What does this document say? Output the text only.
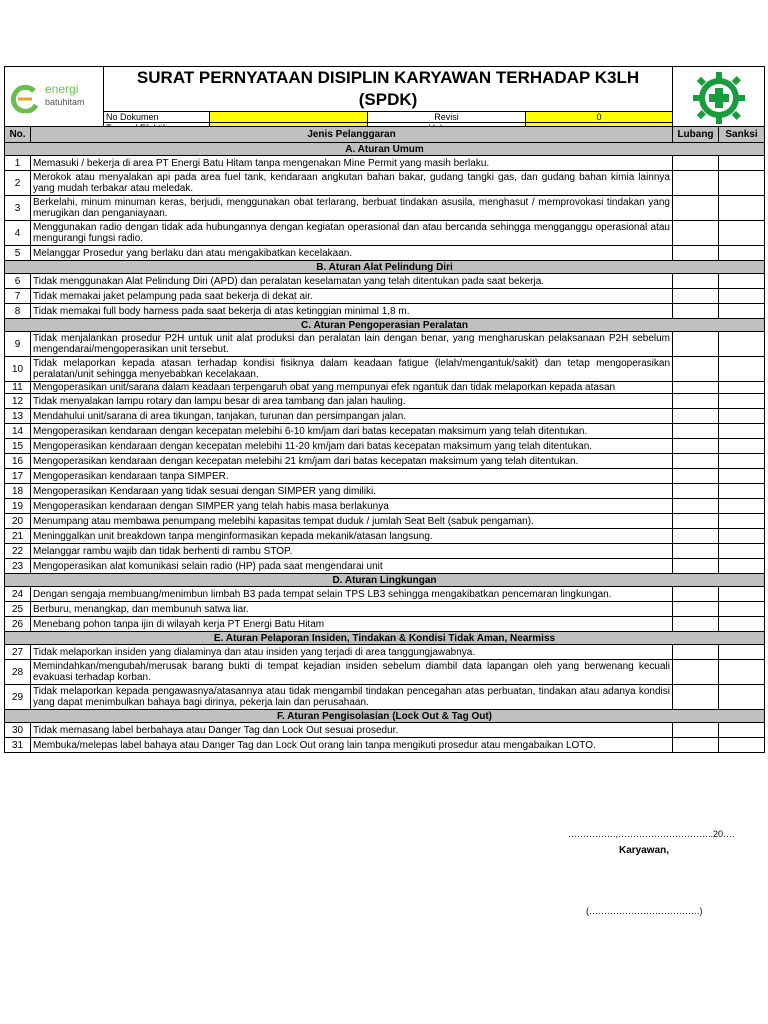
energi
batuhitam	SURAT PERNYATAAN DISIPLIN KARYAWAN TERHADAP K3LH (SPDK)	

	No Dokumen		Revisi	0	

No.	Jenis Pelanggaran	Lubang	Sanksi
A. Aturan Umum			
1	Memasuki / bekerja di area PT Energi Batu Hitam tanpa mengenakan Mine Permit yang masih berlaku.		
2	Merokok atau menyalakan api pada area fuel tank, kendaraan angkutan bahan bakar, gudang tangki gas, dan gudang bahan kimia lainnya yang mudah terbakar atau meledak.		
3	Berkelahi, minum minuman keras, berjudi, menggunakan obat terlarang, berbuat tindakan asusila, menghasut / memprovokasi tindakan yang merugikan dan penganiayaan.		
4	Menggunakan radio dengan tidak ada hubungannya dengan kegiatan operasional dan atau bercanda sehingga mengganggu operasional atau mengurangi fungsi radio.		
5	Melanggar Prosedur yang berlaku dan atau mengakibatkan kecelakaan.		
B. Aturan Alat Pelindung Diri			
6	Tidak menggunakan Alat Pelindung Diri (APD) dan peralatan keselamatan yang telah ditentukan pada saat bekerja.		
7	Tidak memakai jaket pelampung pada saat bekerja di dekat air.		
8	Tidak memakai full body harness pada saat bekerja di atas ketinggian minimal 1,8 m.		
C. Aturan Pengoperasian Peralatan			
9	Tidak menjalankan prosedur P2H untuk unit alat produksi dan peralatan lain dengan benar, yang mengharuskan pelaksanaan P2H sebelum mengendarai/mengoperasikan unit tersebut.		
10	Tidak melaporkan kepada atasan terhadap kondisi fisiknya dalam keadaan fatigue (lelah/mengantuk/sakit) dan tetap mengoperasikan peralatan/unit sehingga menyebabkan kecelakaan.		
11	Mengoperasikan unit/sarana dalam keadaan terpengaruh obat yang mempunyai efek ngantuk dan tidak melaporkan kepada atasan		
12	Tidak menyalakan lampu rotary dan lampu besar di area tambang dan jalan hauling.		
13	Mendahului unit/sarana di area tikungan, tanjakan, turunan dan persimpangan jalan.		
14	Mengoperasikan kendaraan dengan kecepatan melebihi 6-10 km/jam dari batas kecepatan maksimum yang telah ditentukan.		
15	Mengoperasikan kendaraan dengan kecepatan melebihi 11-20 km/jam dari batas kecepatan maksimum yang telah ditentukan.		
16	Mengoperasikan kendaraan dengan kecepatan melebihi 21 km/jam dari batas kecepatan maksimum yang telah ditentukan.		
17	Mengoperasikan kendaraan tanpa SIMPER.		
18	Mengoperasikan Kendaraan yang tidak sesuai dengan SIMPER yang dimiliki.		
19	Mengoperasikan kendaraan dengan SIMPER yang telah habis masa berlakunya		
20	Menumpang atau membawa penumpang melebihi kapasitas tempat duduk / jumlah Seat Belt (sabuk pengaman).		
21	Meninggalkan unit breakdown tanpa menginformasikan kepada mekanik/atasan langsung.		
22	Melanggar rambu wajib dan tidak berhenti di rambu STOP.		
23	Mengoperasikan alat komunikasi selain radio (HP) pada saat mengendarai unit		
D. Aturan Lingkungan			
24	Dengan sengaja membuang/menimbun limbah B3 pada tempat selain TPS LB3 sehingga mengakibatkan pencemaran lingkungan.		
25	Berburu, menangkap, dan membunuh satwa liar.		
26	Menebang pohon tanpa ijin di wilayah kerja PT Energi Batu Hitam		
E. Aturan Pelaporan Insiden, Tindakan & Kondisi Tidak Aman, Nearmiss			
27	Tidak melaporkan insiden yang dialaminya dan atau insiden yang terjadi di area tanggungjawabnya.		
28	Memindahkan/mengubah/merusak barang bukti di tempat kejadian insiden sebelum diambil data lapangan oleh yang berwenang kecuali evakuasi terhadap korban.		
29	Tidak melaporkan kepada pengawasnya/atasannya atau tidak mengambil tindakan pencegahan atas perbuatan, tindakan atau adanya kondisi yang dapat menimbulkan bahaya bagi dirinya, pekerja lain dan perusahaan.		
F. Aturan Pengisolasian (Lock Out & Tag Out)			
30	Tidak memasang label berbahaya atau Danger Tag dan Lock Out sesuai prosedur.		
31	Membuka/melepas label bahaya atau Danger Tag dan Lock Out orang lain tanpa mengikuti prosedur atau mengabaikan LOTO.		
…………….,…………………………..20….
Karyawan,
(……………………………….)
